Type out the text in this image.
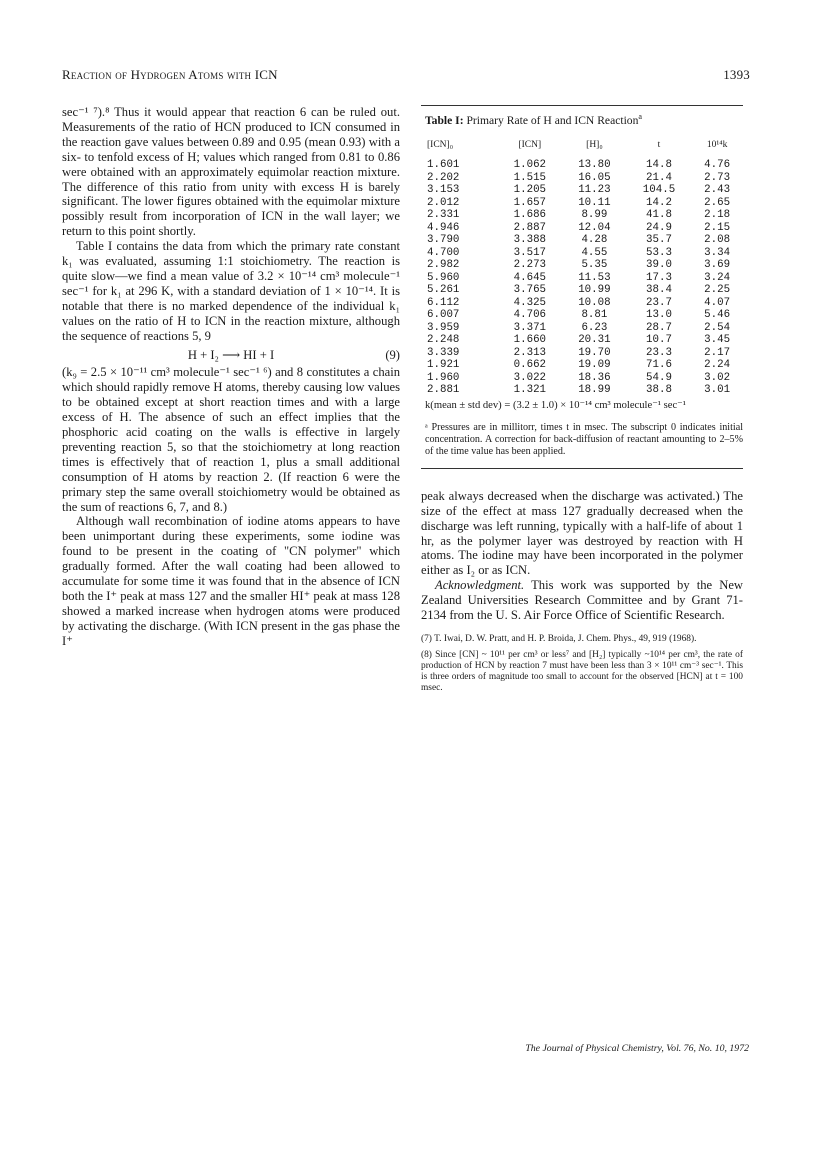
Reaction of Hydrogen Atoms with ICN	1393

sec⁻¹ ⁷).⁸ Thus it would appear that reaction 6 can be ruled out. Measurements of the ratio of HCN produced to ICN consumed in the reaction gave values between 0.89 and 0.95 (mean 0.93) with a six- to tenfold excess of H; values which ranged from 0.81 to 0.86 were obtained with an approximately equimolar reaction mixture. The difference of this ratio from unity with excess H is barely significant. The lower figures obtained with the equimolar mixture possibly result from incorporation of ICN in the wall layer; we return to this point shortly.

Table I contains the data from which the primary rate constant k₁ was evaluated, assuming 1:1 stoichiometry. The reaction is quite slow—we find a mean value of 3.2 × 10⁻¹⁴ cm³ molecule⁻¹ sec⁻¹ for k₁ at 296 K, with a standard deviation of 1 × 10⁻¹⁴. It is notable that there is no marked dependence of the individual k₁ values on the ratio of H to ICN in the reaction mixture, although the sequence of reactions 5, 9

H + I₂ ⟶ HI + I	(9)

(k₉ = 2.5 × 10⁻¹¹ cm³ molecule⁻¹ sec⁻¹ ⁶) and 8 constitutes a chain which should rapidly remove H atoms, thereby causing low values to be obtained except at short reaction times and with a large excess of H. The absence of such an effect implies that the phosphoric acid coating on the walls is effective in largely preventing reaction 5, so that the stoichiometry at long reaction times is effectively that of reaction 1, plus a small additional consumption of H atoms by reaction 2. (If reaction 6 were the primary step the same overall stoichiometry would be obtained as the sum of reactions 6, 7, and 8.)

Although wall recombination of iodine atoms appears to have been unimportant during these experiments, some iodine was found to be present in the coating of "CN polymer" which gradually formed. After the wall coating had been allowed to accumulate for some time it was found that in the absence of ICN both the I⁺ peak at mass 127 and the smaller HI⁺ peak at mass 128 showed a marked increase when hydrogen atoms were produced by activating the discharge. (With ICN present in the gas phase the I⁺

Table I: Primary Rate of H and ICN Reaction$^a$
[ICN]₀	[ICN]	[H]₀	t	10¹⁴k
1.601	1.062	13.80	14.8	4.76
2.202	1.515	16.05	21.4	2.73
3.153	1.205	11.23	104.5	2.43
2.012	1.657	10.11	14.2	2.65
2.331	1.686	8.99	41.8	2.18
4.946	2.887	12.04	24.9	2.15
3.790	3.388	4.28	35.7	2.08
4.700	3.517	4.55	53.3	3.34
2.982	2.273	5.35	39.0	3.69
5.960	4.645	11.53	17.3	3.24
5.261	3.765	10.99	38.4	2.25
6.112	4.325	10.08	23.7	4.07
6.007	4.706	8.81	13.0	5.46
3.959	3.371	6.23	28.7	2.54
2.248	1.660	20.31	10.7	3.45
3.339	2.313	19.70	23.3	2.17
1.921	0.662	19.09	71.6	2.24
1.960	3.022	18.36	54.9	3.02
2.881	1.321	18.99	38.8	3.01
k(mean ± std dev) = (3.2 ± 1.0) × 10⁻¹⁴ cm³ molecule⁻¹ sec⁻¹
ᵃ Pressures are in millitorr, times t in msec. The subscript 0 indicates initial concentration. A correction for back-diffusion of reactant amounting to 2–5% of the time value has been applied.

peak always decreased when the discharge was activated.) The size of the effect at mass 127 gradually decreased when the discharge was left running, typically with a half-life of about 1 hr, as the polymer layer was destroyed by reaction with H atoms. The iodine may have been incorporated in the polymer either as I₂ or as ICN.

Acknowledgment. This work was supported by the New Zealand Universities Research Committee and by Grant 71-2134 from the U. S. Air Force Office of Scientific Research.

(7) T. Iwai, D. W. Pratt, and H. P. Broida, J. Chem. Phys., 49, 919 (1968).

(8) Since [CN] ~ 10¹¹ per cm³ or less⁷ and [H₂] typically ~10¹⁴ per cm³, the rate of production of HCN by reaction 7 must have been less than 3 × 10¹¹ cm⁻³ sec⁻¹. This is three orders of magnitude too small to account for the observed [HCN] at t = 100 msec.

The Journal of Physical Chemistry, Vol. 76, No. 10, 1972
